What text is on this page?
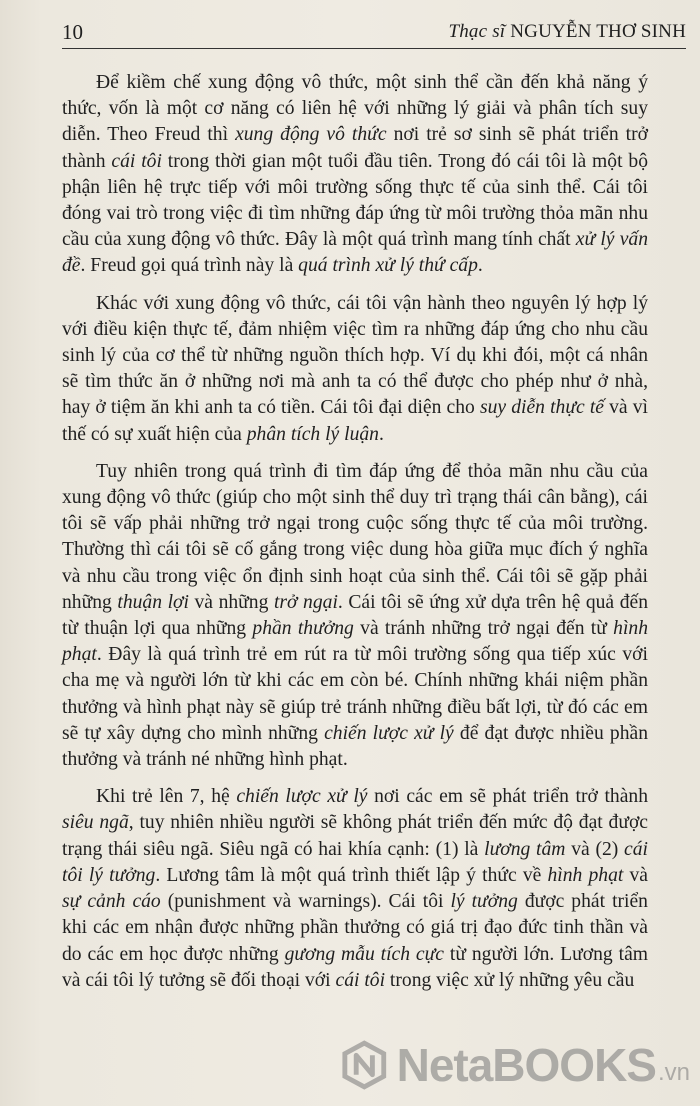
10	Thạc sĩ NGUYỄN THƠ SINH

Để kiềm chế xung động vô thức, một sinh thể cần đến khả năng ý thức, vốn là một cơ năng có liên hệ với những lý giải và phân tích suy diễn. Theo Freud thì xung động vô thức nơi trẻ sơ sinh sẽ phát triển trở thành cái tôi trong thời gian một tuổi đầu tiên. Trong đó cái tôi là một bộ phận liên hệ trực tiếp với môi trường sống thực tế của sinh thể. Cái tôi đóng vai trò trong việc đi tìm những đáp ứng từ môi trường thỏa mãn nhu cầu của xung động vô thức. Đây là một quá trình mang tính chất xử lý vấn đề. Freud gọi quá trình này là quá trình xử lý thứ cấp.

Khác với xung động vô thức, cái tôi vận hành theo nguyên lý hợp lý với điều kiện thực tế, đảm nhiệm việc tìm ra những đáp ứng cho nhu cầu sinh lý của cơ thể từ những nguồn thích hợp. Ví dụ khi đói, một cá nhân sẽ tìm thức ăn ở những nơi mà anh ta có thể được cho phép như ở nhà, hay ở tiệm ăn khi anh ta có tiền. Cái tôi đại diện cho suy diễn thực tế và vì thế có sự xuất hiện của phân tích lý luận.

Tuy nhiên trong quá trình đi tìm đáp ứng để thỏa mãn nhu cầu của xung động vô thức (giúp cho một sinh thể duy trì trạng thái cân bằng), cái tôi sẽ vấp phải những trở ngại trong cuộc sống thực tế của môi trường. Thường thì cái tôi sẽ cố gắng trong việc dung hòa giữa mục đích ý nghĩa và nhu cầu trong việc ổn định sinh hoạt của sinh thể. Cái tôi sẽ gặp phải những thuận lợi và những trở ngại. Cái tôi sẽ ứng xử dựa trên hệ quả đến từ thuận lợi qua những phần thưởng và tránh những trở ngại đến từ hình phạt. Đây là quá trình trẻ em rút ra từ môi trường sống qua tiếp xúc với cha mẹ và người lớn từ khi các em còn bé. Chính những khái niệm phần thưởng và hình phạt này sẽ giúp trẻ tránh những điều bất lợi, từ đó các em sẽ tự xây dựng cho mình những chiến lược xử lý để đạt được nhiều phần thưởng và tránh né những hình phạt.

Khi trẻ lên 7, hệ chiến lược xử lý nơi các em sẽ phát triển trở thành siêu ngã, tuy nhiên nhiều người sẽ không phát triển đến mức độ đạt được trạng thái siêu ngã. Siêu ngã có hai khía cạnh: (1) là lương tâm và (2) cái tôi lý tưởng. Lương tâm là một quá trình thiết lập ý thức về hình phạt và sự cảnh cáo (punishment và warnings). Cái tôi lý tưởng được phát triển khi các em nhận được những phần thưởng có giá trị đạo đức tinh thần và do các em học được những gương mẫu tích cực từ người lớn. Lương tâm và cái tôi lý tưởng sẽ đối thoại với cái tôi trong việc xử lý những yêu cầu

NetaBOOKS .vn
